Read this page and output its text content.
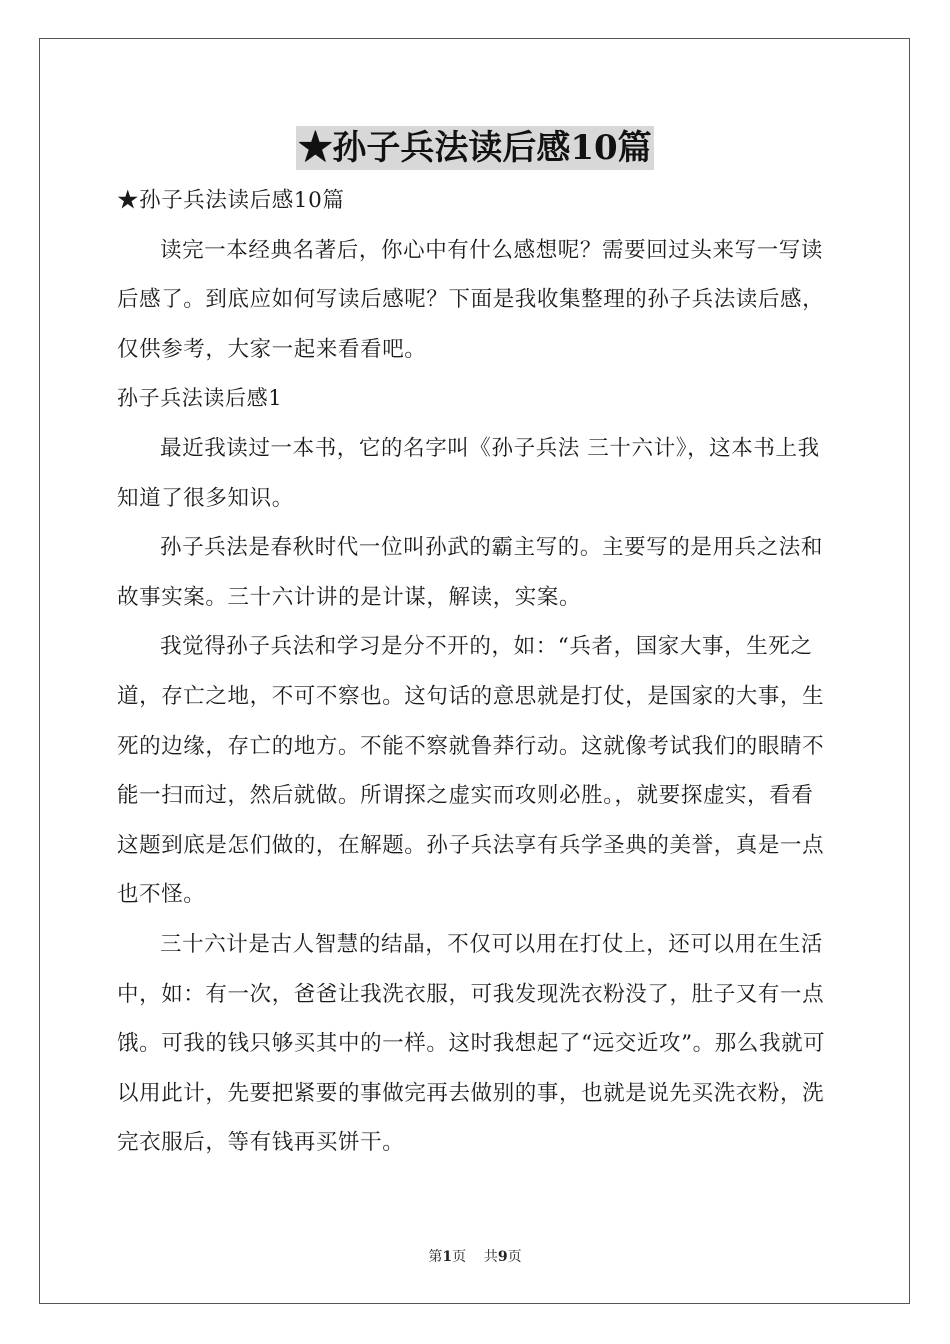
★孙子兵法读后感10篇

★孙子兵法读后感10篇

读完一本经典名著后，你心中有什么感想呢？需要回过头来写一写读后感了。到底应如何写读后感呢？下面是我收集整理的孙子兵法读后感，仅供参考，大家一起来看看吧。

孙子兵法读后感1

最近我读过一本书，它的名字叫《孙子兵法 三十六计》，这本书上我知道了很多知识。

孙子兵法是春秋时代一位叫孙武的霸主写的。主要写的是用兵之法和故事实案。三十六计讲的是计谋，解读，实案。

我觉得孙子兵法和学习是分不开的，如：“兵者，国家大事，生死之道，存亡之地，不可不察也。这句话的意思就是打仗，是国家的大事，生死的边缘，存亡的地方。不能不察就鲁莽行动。这就像考试我们的眼睛不能一扫而过，然后就做。所谓探之虚实而攻则必胜。，就要探虚实，看看这题到底是怎们做的，在解题。孙子兵法享有兵学圣典的美誉，真是一点也不怪。

三十六计是古人智慧的结晶，不仅可以用在打仗上，还可以用在生活中，如：有一次，爸爸让我洗衣服，可我发现洗衣粉没了，肚子又有一点饿。可我的钱只够买其中的一样。这时我想起了“远交近攻”。那么我就可以用此计，先要把紧要的事做完再去做别的事，也就是说先买洗衣粉，洗完衣服后，等有钱再买饼干。

第1页 共9页
